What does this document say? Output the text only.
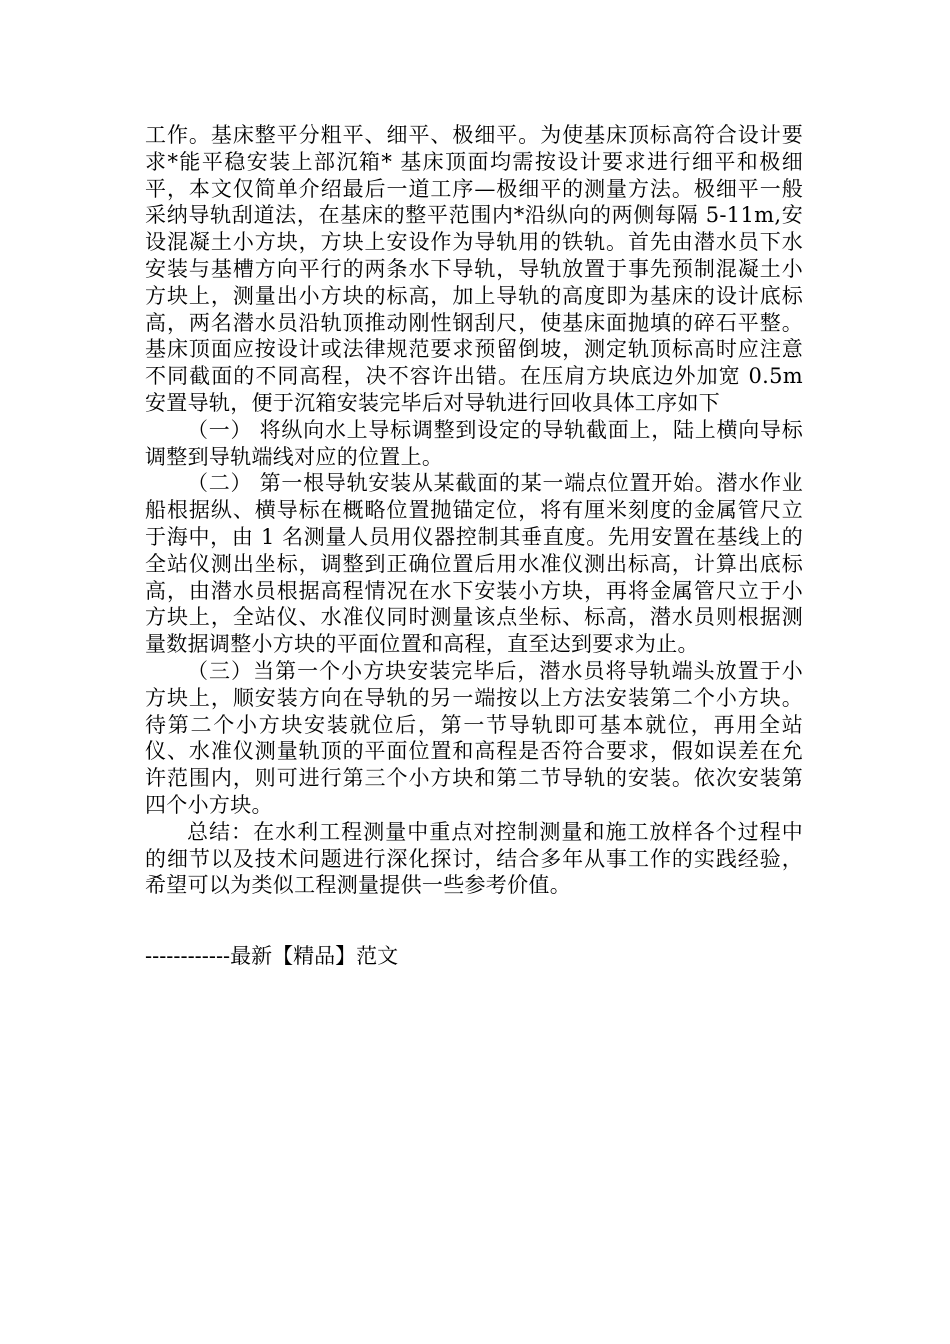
工作。基床整平分粗平、细平、极细平。为使基床顶标高符合设计要求*能平稳安装上部沉箱* 基床顶面均需按设计要求进行细平和极细平，本文仅简单介绍最后一道工序—极细平的测量方法。极细平一般采纳导轨刮道法，在基床的整平范围内*沿纵向的两侧每隔 5-11m,安设混凝土小方块，方块上安设作为导轨用的铁轨。首先由潜水员下水安装与基槽方向平行的两条水下导轨，导轨放置于事先预制混凝土小方块上，测量出小方块的标高，加上导轨的高度即为基床的设计底标高，两名潜水员沿轨顶推动刚性钢刮尺，使基床面抛填的碎石平整。基床顶面应按设计或法律规范要求预留倒坡，测定轨顶标高时应注意不同截面的不同高程，决不容许出错。在压肩方块底边外加宽 0.5m 安置导轨，便于沉箱安装完毕后对导轨进行回收具体工序如下

（一） 将纵向水上导标调整到设定的导轨截面上，陆上横向导标调整到导轨端线对应的位置上。

（二） 第一根导轨安装从某截面的某一端点位置开始。潜水作业船根据纵、横导标在概略位置抛锚定位，将有厘米刻度的金属管尺立于海中，由 1 名测量人员用仪器控制其垂直度。先用安置在基线上的全站仪测出坐标，调整到正确位置后用水准仪测出标高，计算出底标高，由潜水员根据高程情况在水下安装小方块，再将金属管尺立于小方块上，全站仪、水准仪同时测量该点坐标、标高，潜水员则根据测量数据调整小方块的平面位置和高程，直至达到要求为止。

（三）当第一个小方块安装完毕后，潜水员将导轨端头放置于小方块上，顺安装方向在导轨的另一端按以上方法安装第二个小方块。待第二个小方块安装就位后，第一节导轨即可基本就位，再用全站仪、水准仪测量轨顶的平面位置和高程是否符合要求，假如误差在允许范围内，则可进行第三个小方块和第二节导轨的安装。依次安装第四个小方块。

总结：在水利工程测量中重点对控制测量和施工放样各个过程中的细节以及技术问题进行深化探讨，结合多年从事工作的实践经验，希望可以为类似工程测量提供一些参考价值。

------------最新【精品】范文
